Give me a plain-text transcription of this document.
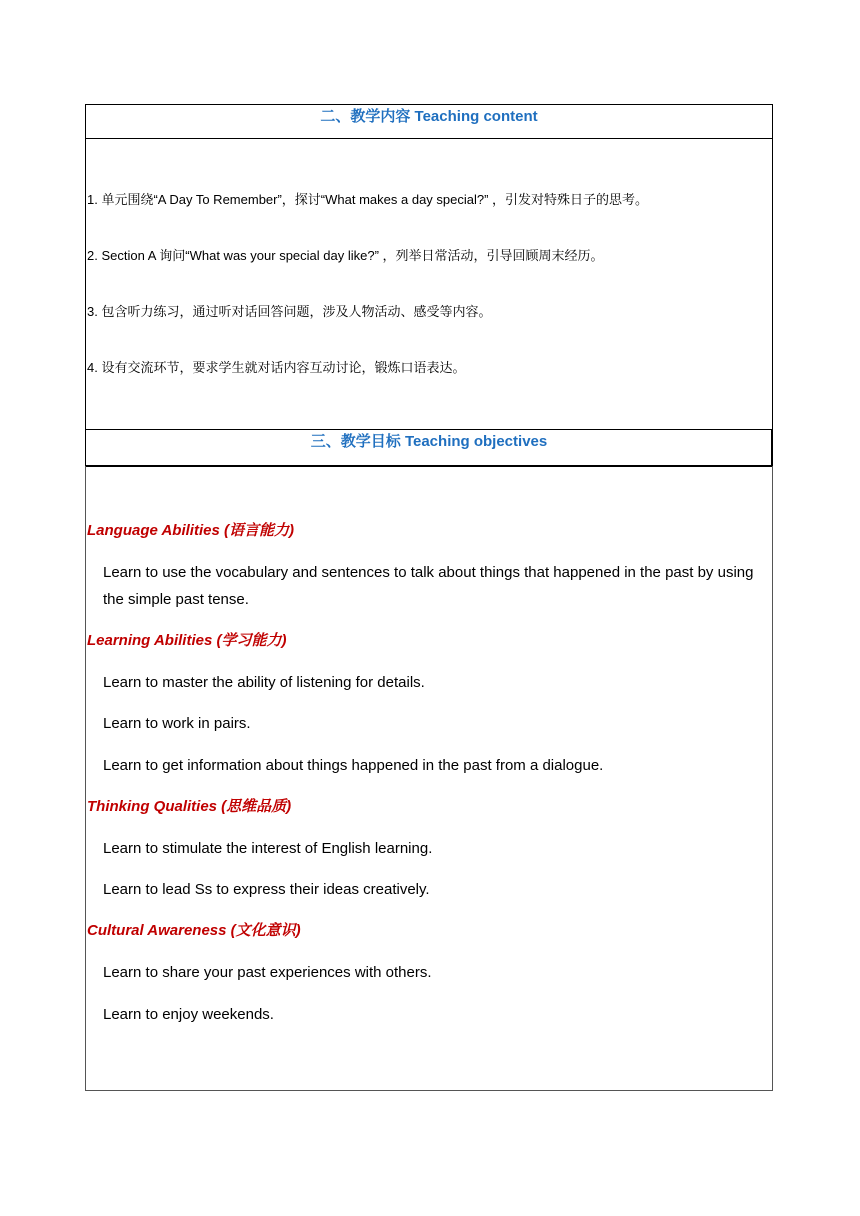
二、教学内容 Teaching content
1. 单元围绕“A Day To Remember”，探讨“What makes a day special?” ，引发对特殊日子的思考。
2. Section A 询问“What was your special day like?” ，列举日常活动，引导回顾周末经历。
3. 包含听力练习，通过听对话回答问题，涉及人物活动、感受等内容。
4. 设有交流环节，要求学生就对话内容互动讨论，锻炼口语表达。
三、教学目标 Teaching objectives
Language Abilities (语言能力)
Learn to use the vocabulary and sentences to talk about things that happened in the past by using the simple past tense.
Learning Abilities (学习能力)
Learn to master the ability of listening for details.
Learn to work in pairs.
Learn to get information about things happened in the past from a dialogue.
Thinking Qualities (思维品质)
Learn to stimulate the interest of English learning.
Learn to lead Ss to express their ideas creatively.
Cultural Awareness (文化意识)
Learn to share your past experiences with others.
Learn to enjoy weekends.
